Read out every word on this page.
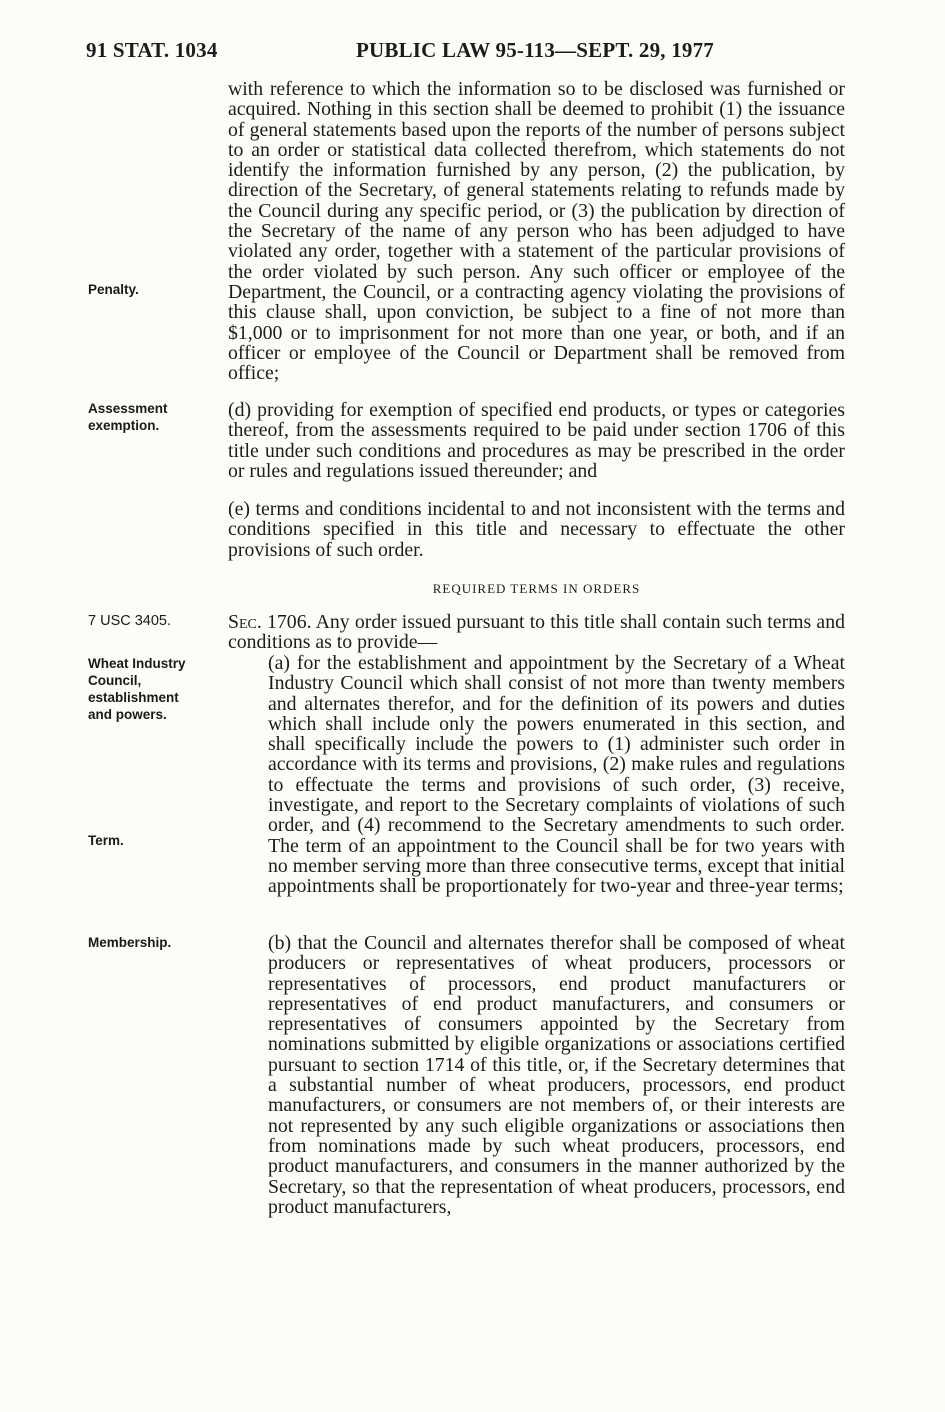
91 STAT. 1034	PUBLIC LAW 95-113—SEPT. 29, 1977
Penalty.
Assessment
exemption.
7 USC 3405.
Wheat Industry
Council,
establishment
and powers.
Term.
Membership.

with reference to which the information so to be disclosed was furnished or acquired. Nothing in this section shall be deemed to prohibit (1) the issuance of general statements based upon the reports of the number of persons subject to an order or statistical data collected therefrom, which statements do not identify the information furnished by any person, (2) the publication, by direction of the Secretary, of general statements relating to refunds made by the Council during any specific period, or (3) the publication by direction of the Secretary of the name of any person who has been adjudged to have violated any order, together with a statement of the particular provisions of the order violated by such person. Any such officer or employee of the Department, the Council, or a contracting agency violating the provisions of this clause shall, upon conviction, be subject to a fine of not more than $1,000 or to imprisonment for not more than one year, or both, and if an officer or employee of the Council or Department shall be removed from office;

(d) providing for exemption of specified end products, or types or categories thereof, from the assessments required to be paid under section 1706 of this title under such conditions and procedures as may be prescribed in the order or rules and regulations issued thereunder; and

(e) terms and conditions incidental to and not inconsistent with the terms and conditions specified in this title and necessary to effectuate the other provisions of such order.

REQUIRED TERMS IN ORDERS

Sec. 1706. Any order issued pursuant to this title shall contain such terms and conditions as to provide—

(a) for the establishment and appointment by the Secretary of a Wheat Industry Council which shall consist of not more than twenty members and alternates therefor, and for the definition of its powers and duties which shall include only the powers enumerated in this section, and shall specifically include the powers to (1) administer such order in accordance with its terms and provisions, (2) make rules and regulations to effectuate the terms and provisions of such order, (3) receive, investigate, and report to the Secretary complaints of violations of such order, and (4) recommend to the Secretary amendments to such order. The term of an appointment to the Council shall be for two years with no member serving more than three consecutive terms, except that initial appointments shall be proportionately for two-year and three-year terms;

(b) that the Council and alternates therefor shall be composed of wheat producers or representatives of wheat producers, processors or representatives of processors, end product manufacturers or representatives of end product manufacturers, and consumers or representatives of consumers appointed by the Secretary from nominations submitted by eligible organizations or associations certified pursuant to section 1714 of this title, or, if the Secretary determines that a substantial number of wheat producers, processors, end product manufacturers, or consumers are not members of, or their interests are not represented by any such eligible organizations or associations then from nominations made by such wheat producers, processors, end product manufacturers, and consumers in the manner authorized by the Secretary, so that the representation of wheat producers, processors, end product manufacturers,
